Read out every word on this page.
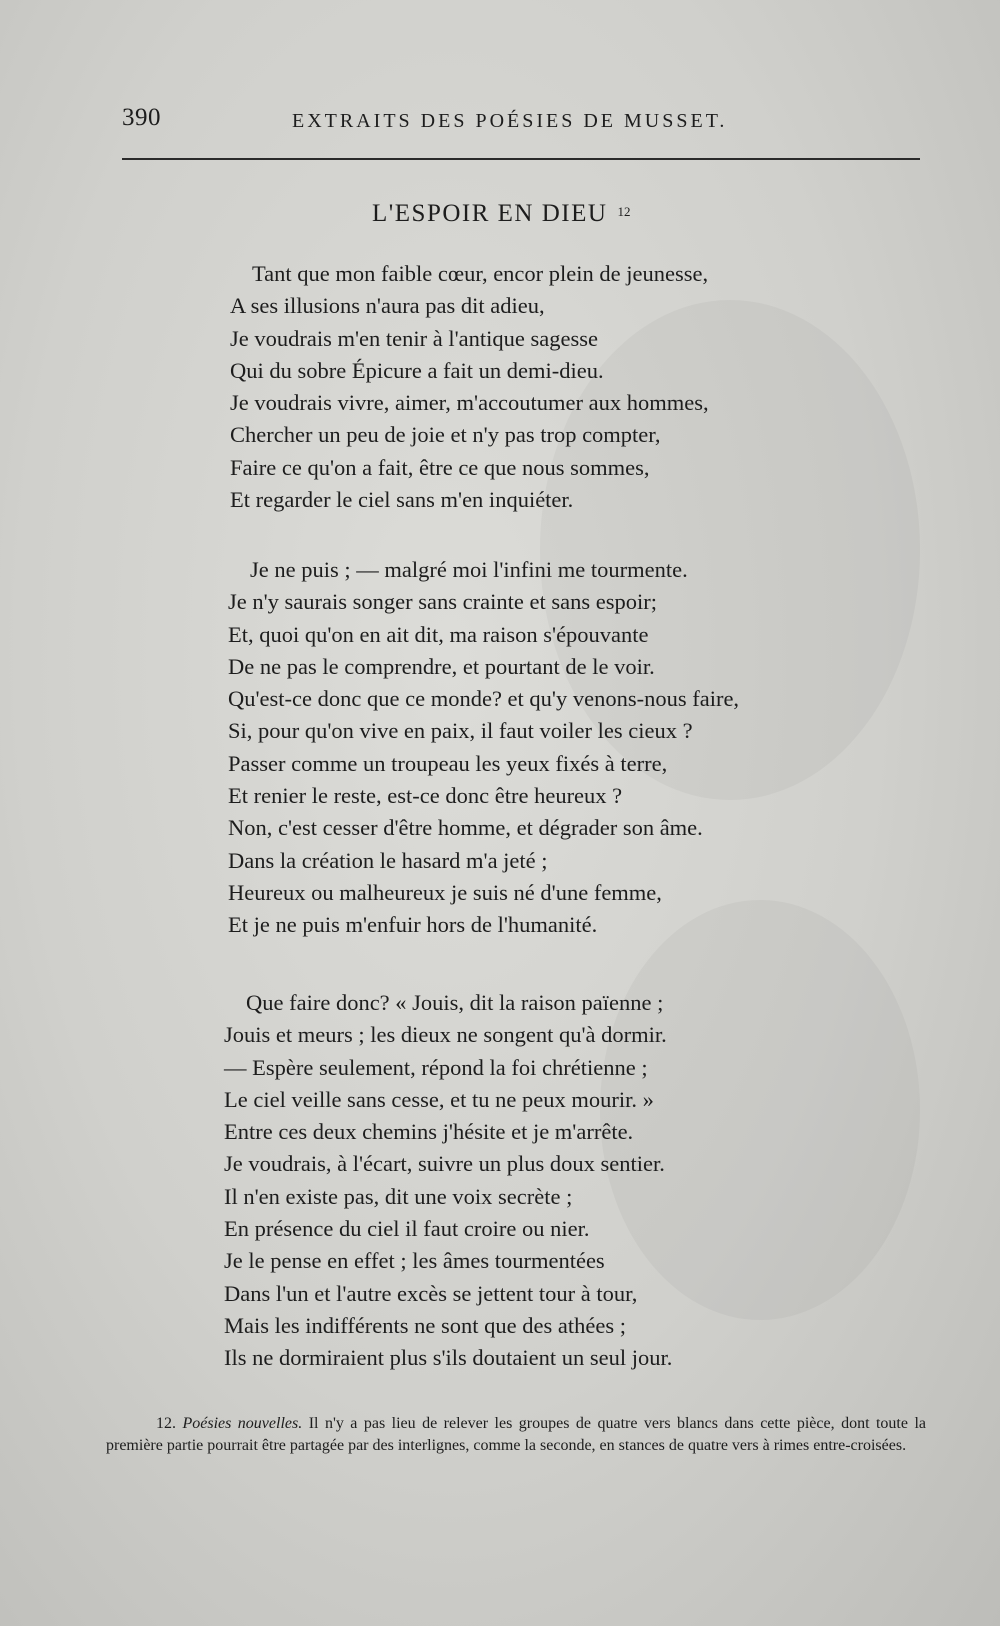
390	EXTRAITS DES POÉSIES DE MUSSET.
L'ESPOIR EN DIEU $^{12}$
Tant que mon faible cœur, encor plein de jeunesse,
A ses illusions n'aura pas dit adieu,
Je voudrais m'en tenir à l'antique sagesse
Qui du sobre Épicure a fait un demi-dieu.
Je voudrais vivre, aimer, m'accoutumer aux hommes,
Chercher un peu de joie et n'y pas trop compter,
Faire ce qu'on a fait, être ce que nous sommes,
Et regarder le ciel sans m'en inquiéter.
Je ne puis ; — malgré moi l'infini me tourmente.
Je n'y saurais songer sans crainte et sans espoir;
Et, quoi qu'on en ait dit, ma raison s'épouvante
De ne pas le comprendre, et pourtant de le voir.
Qu'est-ce donc que ce monde? et qu'y venons-nous faire,
Si, pour qu'on vive en paix, il faut voiler les cieux ?
Passer comme un troupeau les yeux fixés à terre,
Et renier le reste, est-ce donc être heureux ?
Non, c'est cesser d'être homme, et dégrader son âme.
Dans la création le hasard m'a jeté ;
Heureux ou malheureux je suis né d'une femme,
Et je ne puis m'enfuir hors de l'humanité.
Que faire donc? « Jouis, dit la raison païenne ;
Jouis et meurs ; les dieux ne songent qu'à dormir.
— Espère seulement, répond la foi chrétienne ;
Le ciel veille sans cesse, et tu ne peux mourir. »
Entre ces deux chemins j'hésite et je m'arrête.
Je voudrais, à l'écart, suivre un plus doux sentier.
Il n'en existe pas, dit une voix secrète ;
En présence du ciel il faut croire ou nier.
Je le pense en effet ; les âmes tourmentées
Dans l'un et l'autre excès se jettent tour à tour,
Mais les indifférents ne sont que des athées ;
Ils ne dormiraient plus s'ils doutaient un seul jour.
12. Poésies nouvelles. Il n'y a pas lieu de relever les groupes de quatre vers blancs dans cette pièce, dont toute la première partie pourrait être partagée par des interlignes, comme la seconde, en stances de quatre vers à rimes entre-croisées.
